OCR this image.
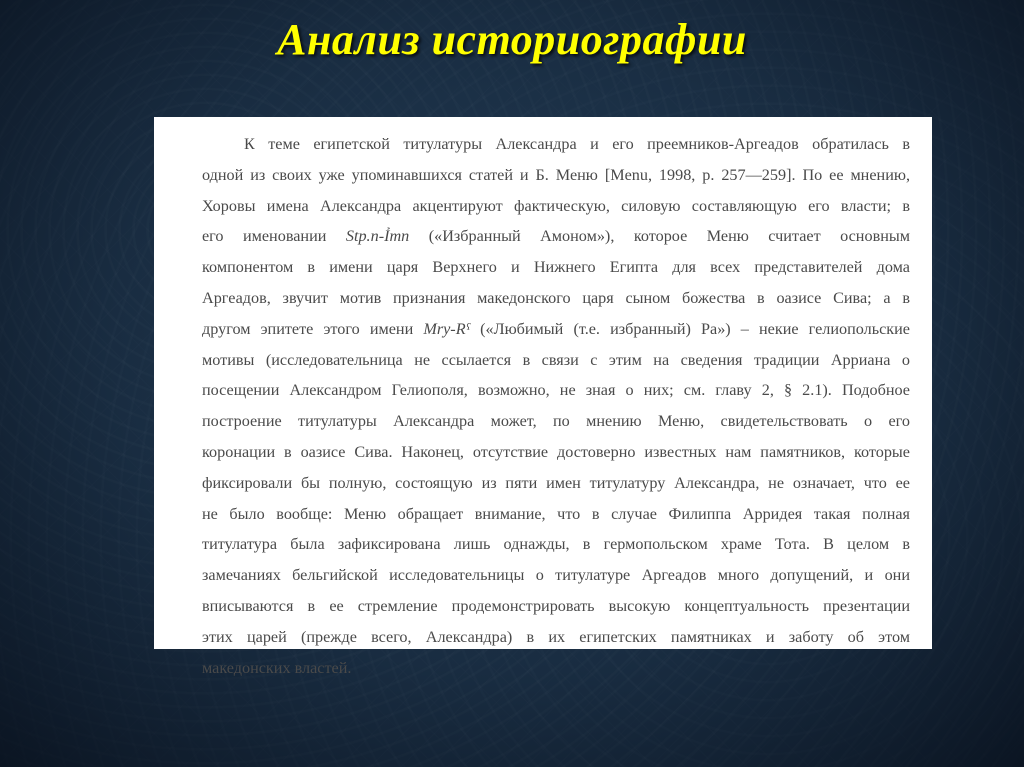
Анализ историографии
К теме египетской титулатуры Александра и его преемников-Аргеадов обратилась в
одной из своих уже упоминавшихся статей и Б. Меню [Menu, 1998, p. 257—259]. По ее мнению,
Хоровы имена Александра акцентируют фактическую, силовую составляющую его власти; в
его именовании Stp.n-Ỉmn («Избранный Амоном»), которое Меню считает основным
компонентом в имени царя Верхнего и Нижнего Египта для всех представителей дома
Аргеадов, звучит мотив признания македонского царя сыном божества в оазисе Сива; а в
другом эпитете этого имени Mry-Rˁ («Любимый (т.е. избранный) Ра») – некие гелиопольские
мотивы (исследовательница не ссылается в связи с этим на сведения традиции Арриана о
посещении Александром Гелиополя, возможно, не зная о них; см. главу 2, § 2.1). Подобное
построение титулатуры Александра может, по мнению Меню, свидетельствовать о его
коронации в оазисе Сива. Наконец, отсутствие достоверно известных нам памятников, которые
фиксировали бы полную, состоящую из пяти имен титулатуру Александра, не означает, что ее
не было вообще: Меню обращает внимание, что в случае Филиппа Арридея такая полная
титулатура была зафиксирована лишь однажды, в гермопольском храме Тота. В целом в
замечаниях бельгийской исследовательницы о титулатуре Аргеадов много допущений, и они
вписываются в ее стремление продемонстрировать высокую концептуальность презентации
этих царей (прежде всего, Александра) в их египетских памятниках и заботу об этом
македонских властей.
